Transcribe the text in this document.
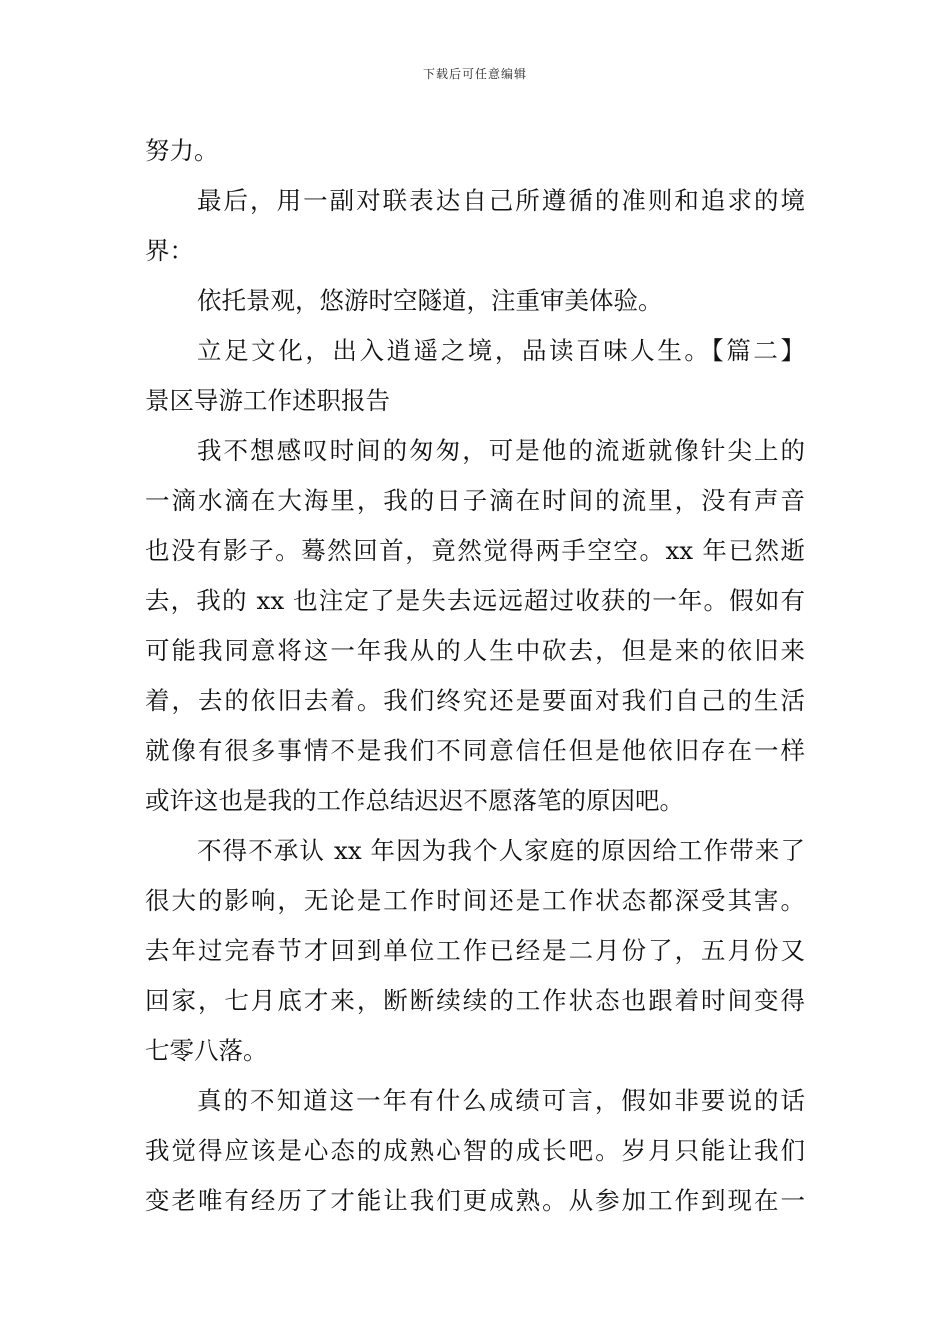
下载后可任意编辑
努力。
最后，用一副对联表达自己所遵循的准则和追求的境
界：
依托景观，悠游时空隧道，注重审美体验。
立足文化，出入逍遥之境，品读百味人生。【篇二】
景区导游工作述职报告
我不想感叹时间的匆匆，可是他的流逝就像针尖上的
一滴水滴在大海里，我的日子滴在时间的流里，没有声音
也没有影子。蓦然回首，竟然觉得两手空空。xx 年已然逝
去，我的 xx 也注定了是失去远远超过收获的一年。假如有
可能我同意将这一年我从的人生中砍去，但是来的依旧来
着，去的依旧去着。我们终究还是要面对我们自己的生活
就像有很多事情不是我们不同意信任但是他依旧存在一样
或许这也是我的工作总结迟迟不愿落笔的原因吧。
不得不承认 xx 年因为我个人家庭的原因给工作带来了
很大的影响，无论是工作时间还是工作状态都深受其害。
去年过完春节才回到单位工作已经是二月份了，五月份又
回家，七月底才来，断断续续的工作状态也跟着时间变得
七零八落。
真的不知道这一年有什么成绩可言，假如非要说的话
我觉得应该是心态的成熟心智的成长吧。岁月只能让我们
变老唯有经历了才能让我们更成熟。从参加工作到现在一
